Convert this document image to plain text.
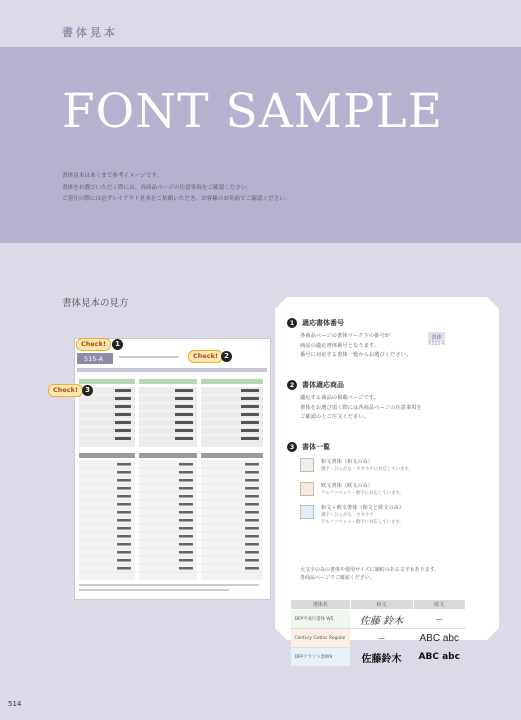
書体見本
FONT SAMPLE
書体見本はあくまで参考イメージです。
書体をお選びいただく際には、各商品ページの注意事項をご確認ください。
ご発注の際には必ずレイアウト見本をご依頼いただき、お客様のお名前でご確認ください。
書体見本の見方
515-A
Check!	1
Check! 2
Check!	3
1 適応書体番号
各商品ページの書体マーク下の番号が
商品の適応書体番号となります。
番号に対応する書体一覧からお選びください。
書体
P.515-A
2 書体適応商品
適応する商品の掲載ページです。
書体をお選び頂く際には各商品ページの注意事項を
ご確認の上ご注文ください。
3 書体一覧
和文書体（和文のみ）
漢字・ひらがな・カタカナに対応しています。
欧文書体（欧文のみ）
アルファベット・数字に対応しています。
和文＋欧文書体（和文と欧文のみ）
漢字・ひらがな・カタカナ
アルファベット・数字に対応しています。
大文字のみの書体や使用サイズに制約のある文字もあります。
各商品ページでご確認ください。
書体名	和文	欧文
DFP平成行書体 W5	佐藤 鈴木	—
Century Gothic Regular	—	ABC abc
DFPクラフト墨W9	佐藤鈴木	ABC abc
514
